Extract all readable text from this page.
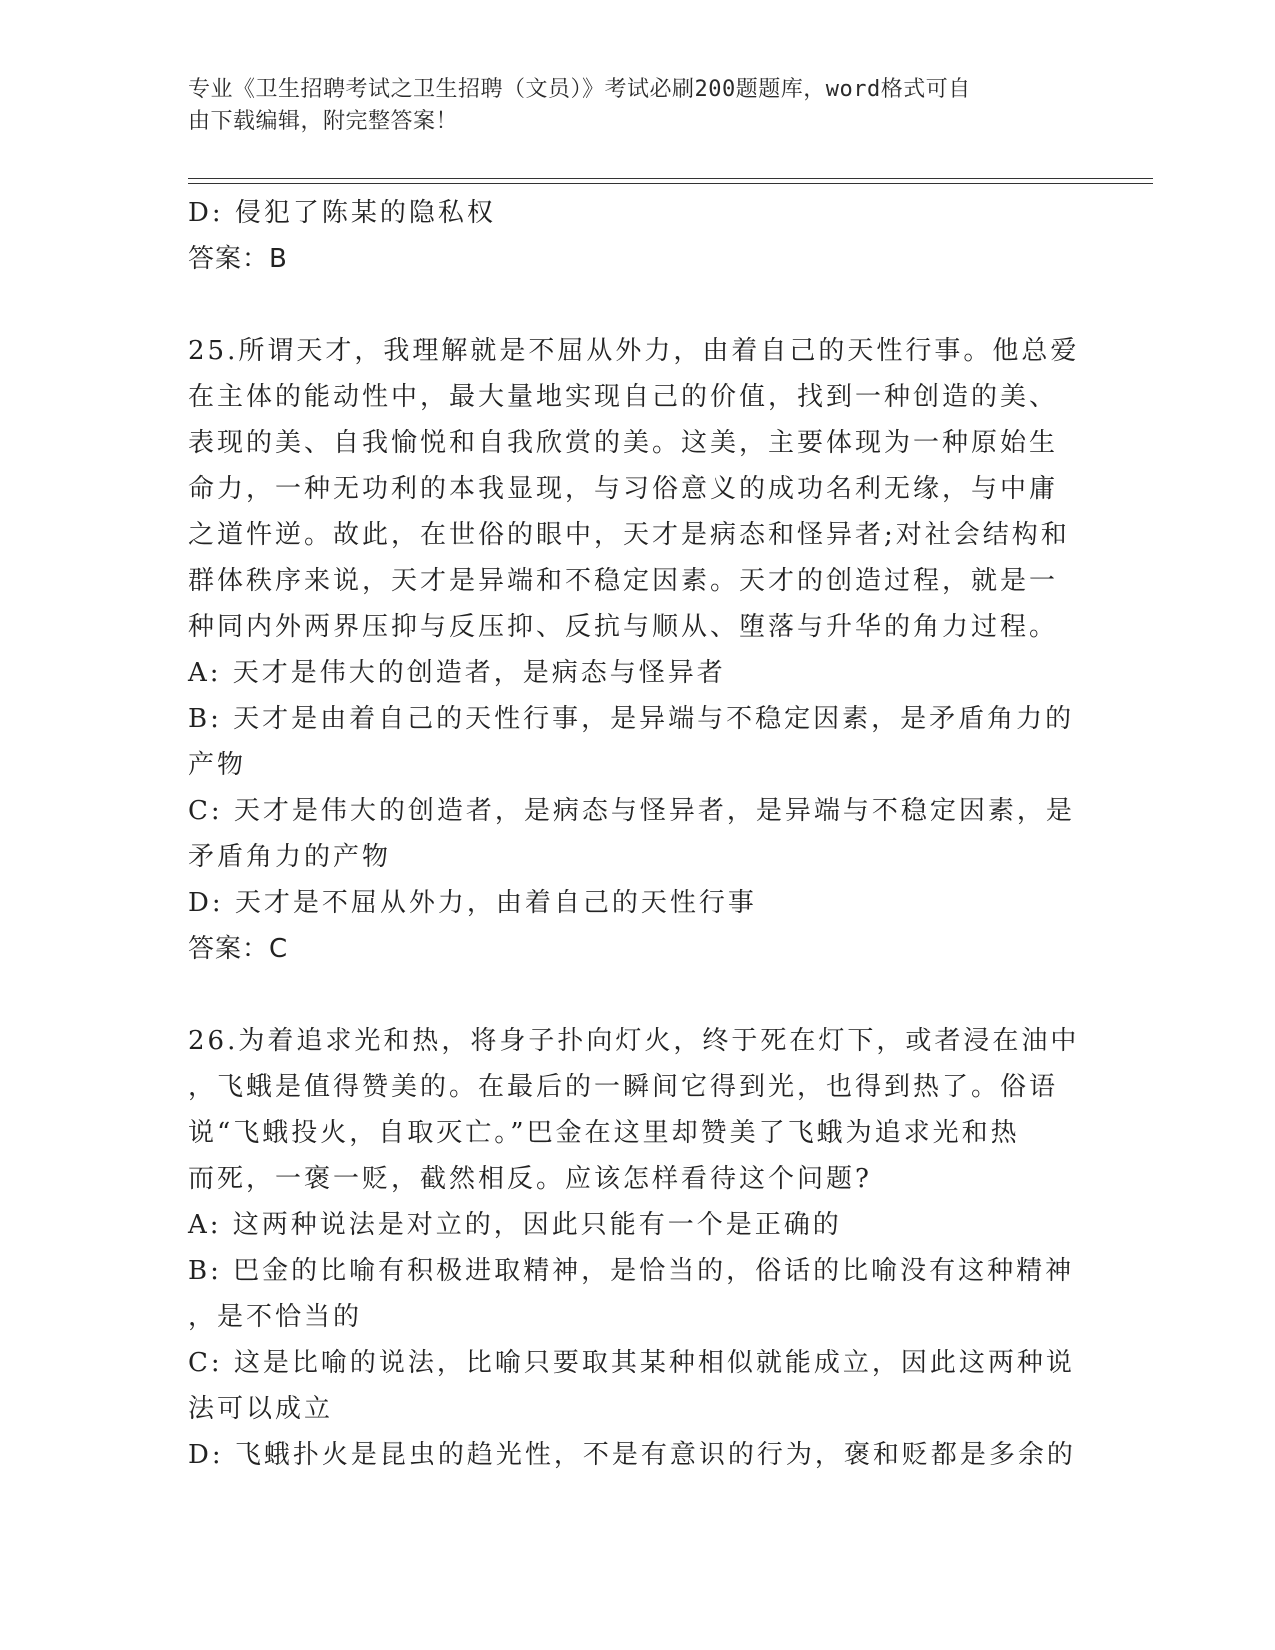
专业《卫生招聘考试之卫生招聘（文员）》考试必刷200题题库，word格式可自
由下载编辑，附完整答案！
D: 侵犯了陈某的隐私权
答案：B
25.所谓天才，我理解就是不屈从外力，由着自己的天性行事。他总爱
在主体的能动性中，最大量地实现自己的价值，找到一种创造的美、
表现的美、自我愉悦和自我欣赏的美。这美，主要体现为一种原始生
命力，一种无功利的本我显现，与习俗意义的成功名利无缘，与中庸
之道忤逆。故此，在世俗的眼中，天才是病态和怪异者;对社会结构和
群体秩序来说，天才是异端和不稳定因素。天才的创造过程，就是一
种同内外两界压抑与反压抑、反抗与顺从、堕落与升华的角力过程。
A: 天才是伟大的创造者，是病态与怪异者
B: 天才是由着自己的天性行事，是异端与不稳定因素，是矛盾角力的
产物
C: 天才是伟大的创造者，是病态与怪异者，是异端与不稳定因素，是
矛盾角力的产物
D: 天才是不屈从外力，由着自己的天性行事
答案：C
26.为着追求光和热，将身子扑向灯火，终于死在灯下，或者浸在油中
，飞蛾是值得赞美的。在最后的一瞬间它得到光，也得到热了。俗语
说“飞蛾投火，自取灭亡。”巴金在这里却赞美了飞蛾为追求光和热
而死，一褒一贬，截然相反。应该怎样看待这个问题?
A: 这两种说法是对立的，因此只能有一个是正确的
B: 巴金的比喻有积极进取精神，是恰当的，俗话的比喻没有这种精神
，是不恰当的
C: 这是比喻的说法，比喻只要取其某种相似就能成立，因此这两种说
法可以成立
D: 飞蛾扑火是昆虫的趋光性，不是有意识的行为，褒和贬都是多余的
